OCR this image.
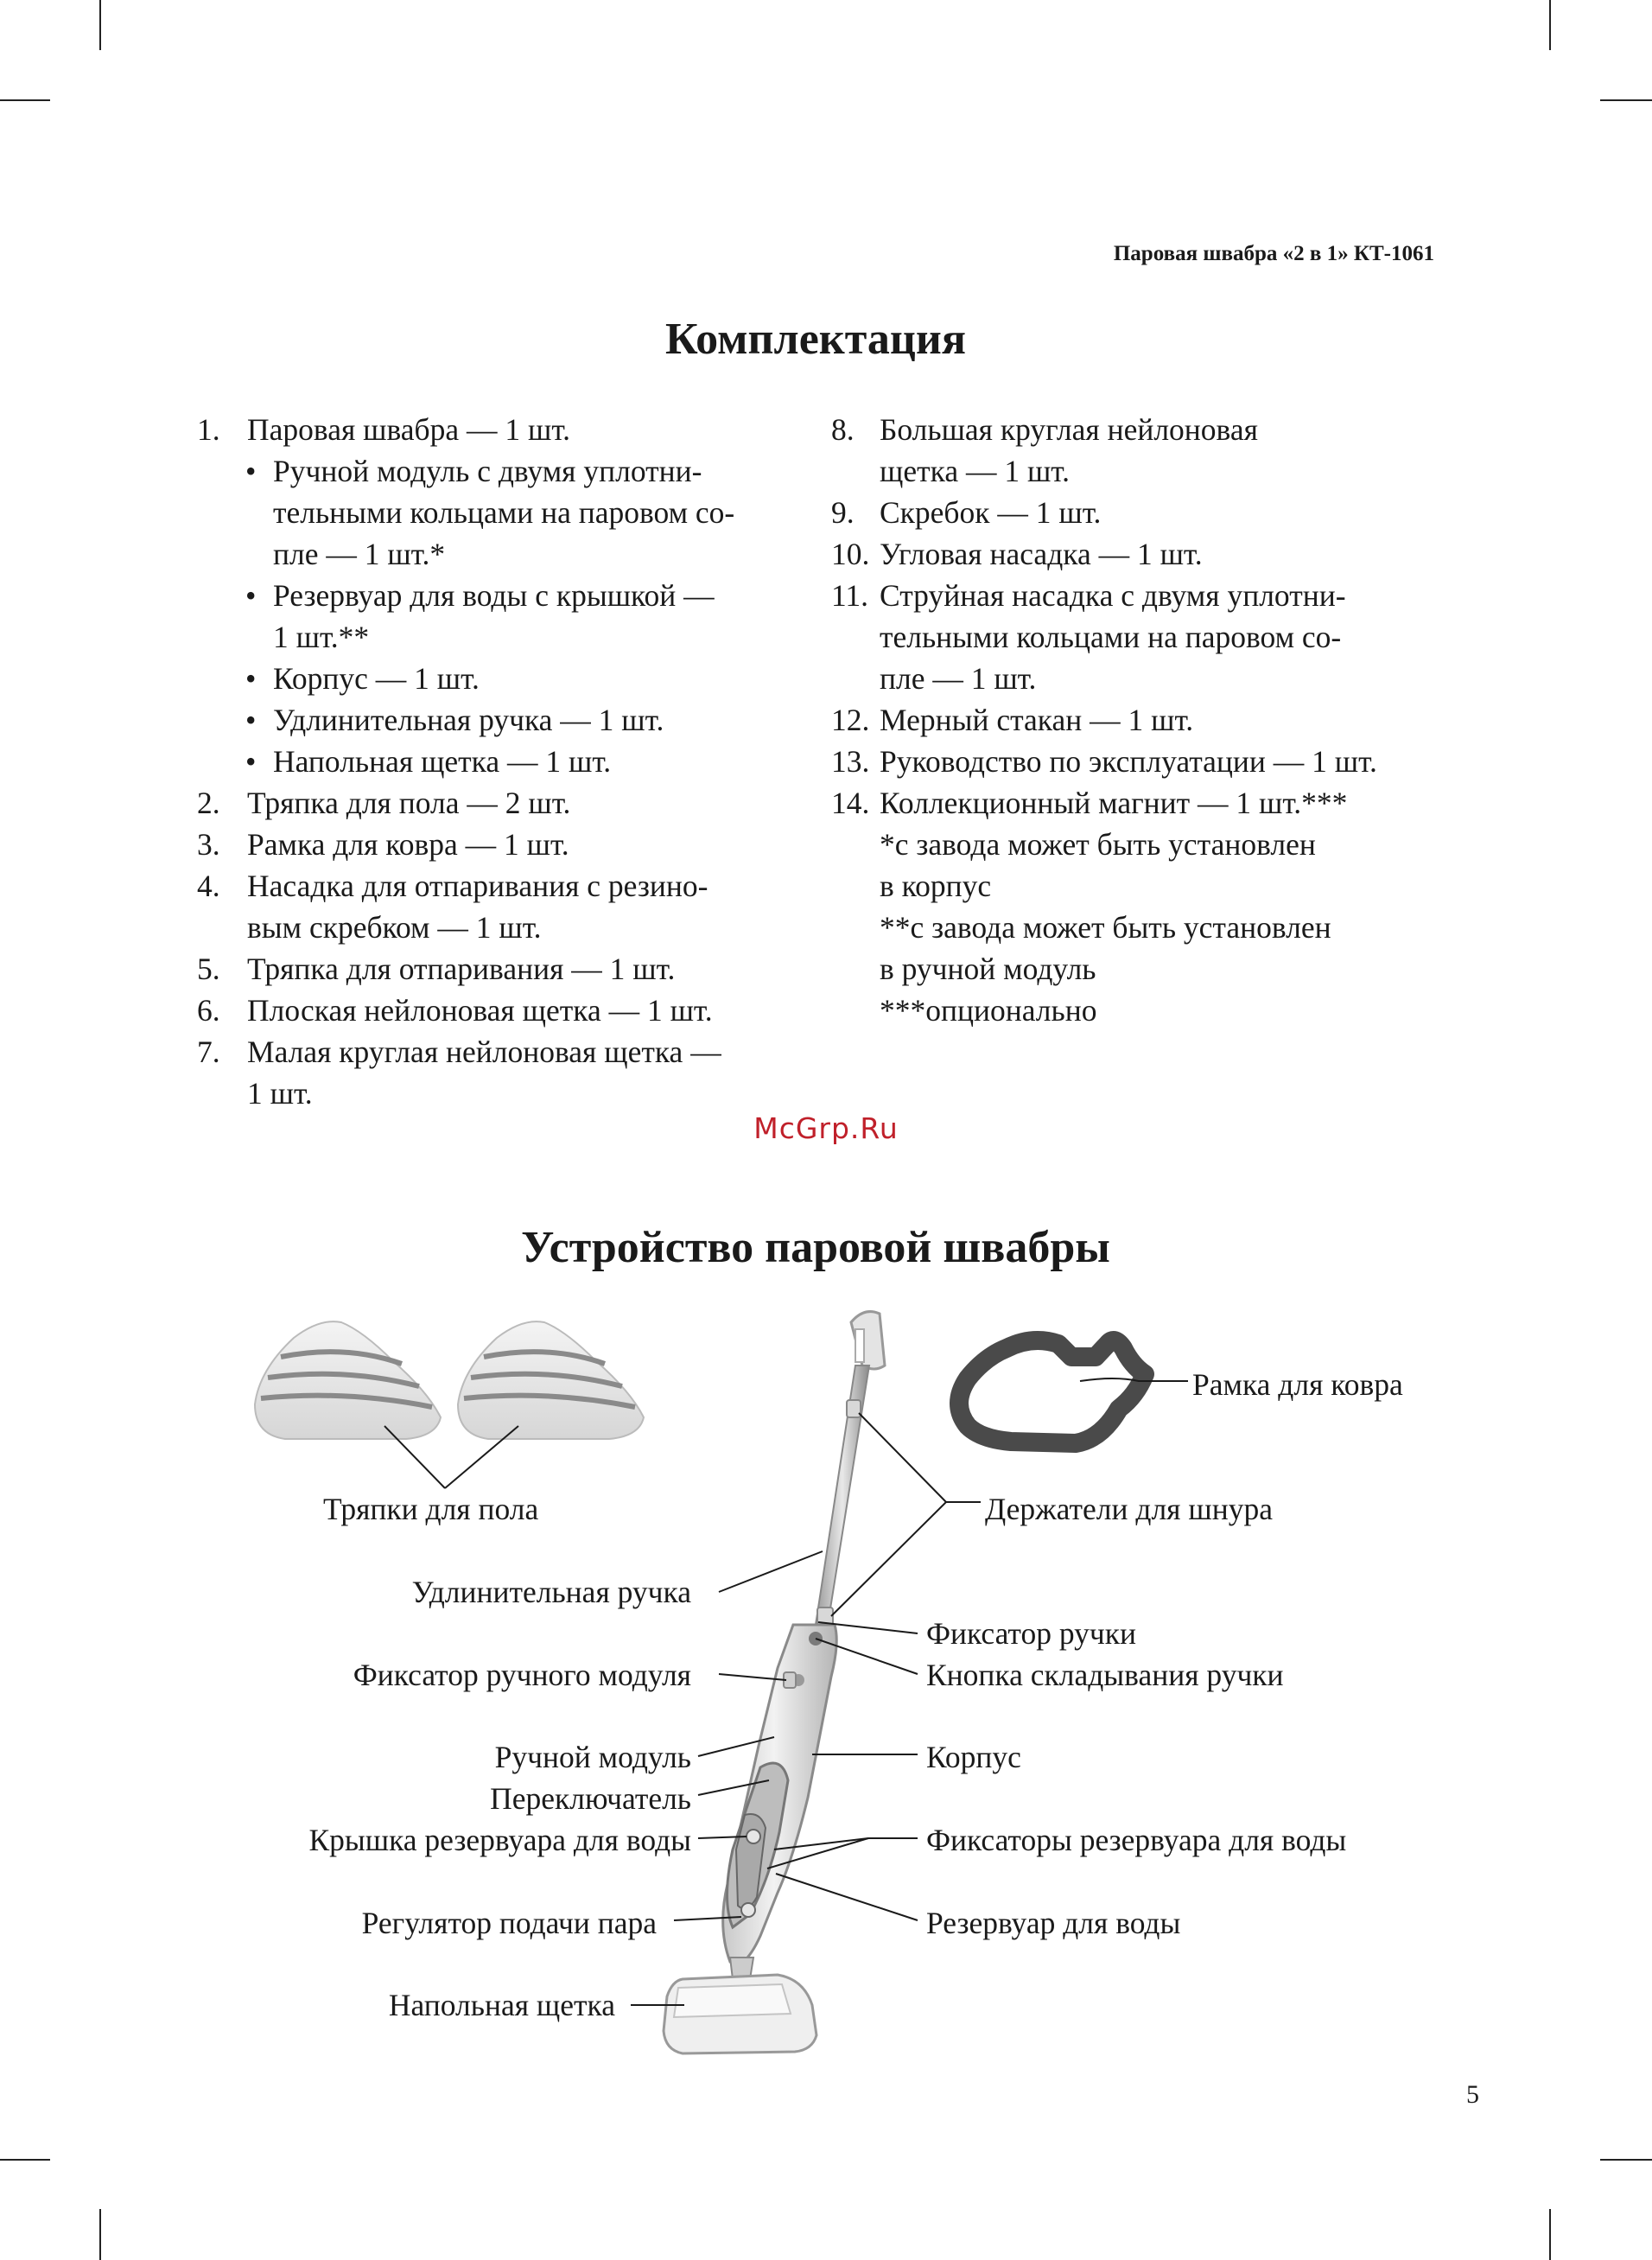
Паровая швабра «2 в 1» КТ-1061
Комплектация
1. Паровая швабра — 1 шт.
• Ручной модуль с двумя уплотни-
тельными кольцами на паровом со-
пле — 1 шт.*
• Резервуар для воды с крышкой —
1 шт.**
• Корпус — 1 шт.
• Удлинительная ручка — 1 шт.
• Напольная щетка — 1 шт.
2. Тряпка для пола — 2 шт.
3. Рамка для ковра — 1 шт.
4. Насадка для отпаривания с резино-
вым скребком — 1 шт.
5. Тряпка для отпаривания — 1 шт.
6. Плоская нейлоновая щетка — 1 шт.
7. Малая круглая нейлоновая щетка —
1 шт.
8. Большая круглая нейлоновая
щетка — 1 шт.
9. Скребок — 1 шт.
10. Угловая насадка — 1 шт.
11. Струйная насадка с двумя уплотни-
тельными кольцами на паровом со-
пле — 1 шт.
12. Мерный стакан — 1 шт.
13. Руководство по эксплуатации — 1 шт.
14. Коллекционный магнит — 1 шт.***
*с завода может быть установлен
в корпус
**с завода может быть установлен
в ручной модуль
***опционально
McGrp.Ru
Устройство паровой швабры
Тряпки для пола
Рамка для ковра
Держатели для шнура
Удлинительная ручка
Фиксатор ручки
Фиксатор ручного модуля	Кнопка складывания ручки
Ручной модуль	Корпус
Переключатель
Крышка резервуара для воды	Фиксаторы резервуара для воды
Регулятор подачи пара	Резервуар для воды
Напольная щетка
5
